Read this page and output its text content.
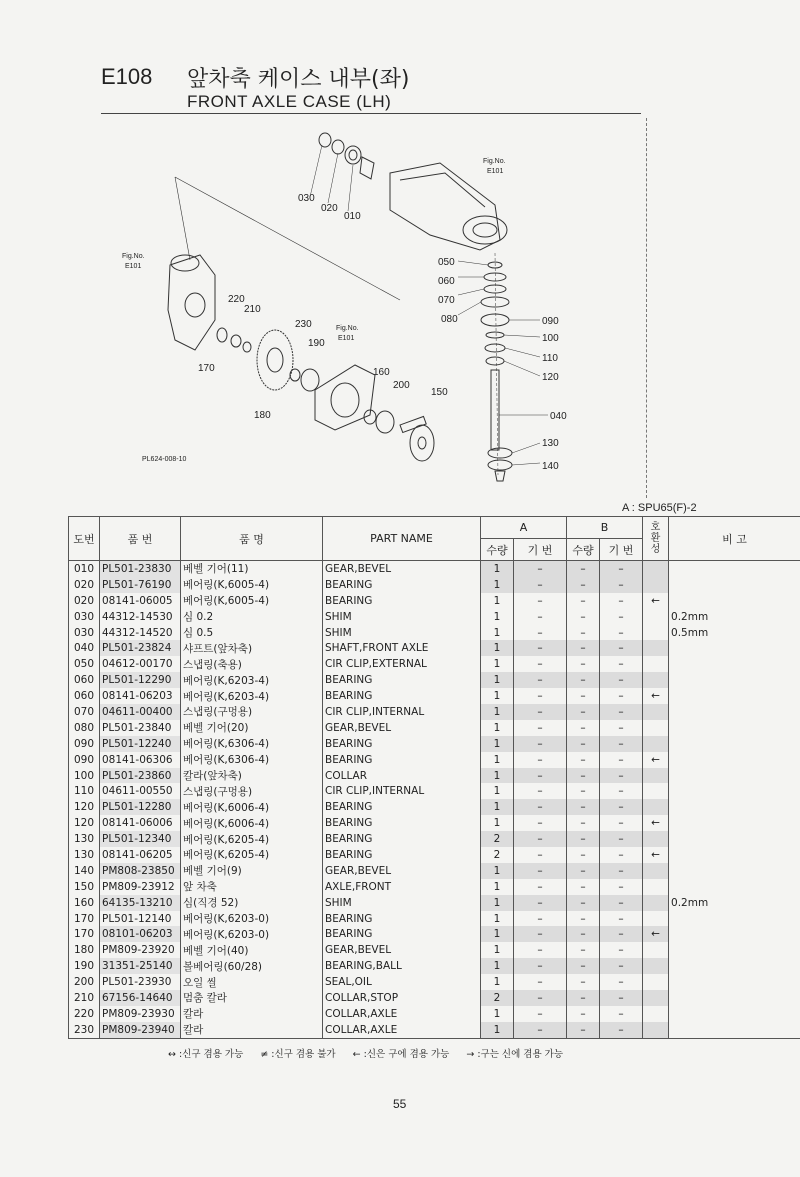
E108 앞차축 케이스 내부(좌)
FRONT AXLE CASE (LH)
030
020
010
Fig.No.
E101
Fig.No.
E101
Fig.No.
E101
050
060
070
080	090
100
110
120
040
130
140
220
210
230
190
170
180
160
200
150
PL624-008-10
A : SPU65(F)-2
도번	품 번	품 명	PART NAME	A		B		호환성	비 고
				수량	기 번	수량	기 번		
010	PL501-23830	베벨 기어(11)	GEAR,BEVEL	1	–	–	–		
020	PL501-76190	베어링(K,6005-4)	BEARING	1	–	–	–		
020	08141-06005	베어링(K,6005-4)	BEARING	1	–	–	–	←	
030	44312-14530	심 0.2	SHIM	1	–	–	–		0.2mm
030	44312-14520	심 0.5	SHIM	1	–	–	–		0.5mm
040	PL501-23824	샤프트(앞차축)	SHAFT,FRONT AXLE	1	–	–	–		
050	04612-00170	스냅링(축용)	CIR CLIP,EXTERNAL	1	–	–	–		
060	PL501-12290	베어링(K,6203-4)	BEARING	1	–	–	–		
060	08141-06203	베어링(K,6203-4)	BEARING	1	–	–	–	←	
070	04611-00400	스냅링(구멍용)	CIR CLIP,INTERNAL	1	–	–	–		
080	PL501-23840	베벨 기어(20)	GEAR,BEVEL	1	–	–	–		
090	PL501-12240	베어링(K,6306-4)	BEARING	1	–	–	–		
090	08141-06306	베어링(K,6306-4)	BEARING	1	–	–	–	←	
100	PL501-23860	칼라(앞차축)	COLLAR	1	–	–	–		
110	04611-00550	스냅링(구멍용)	CIR CLIP,INTERNAL	1	–	–	–		
120	PL501-12280	베어링(K,6006-4)	BEARING	1	–	–	–		
120	08141-06006	베어링(K,6006-4)	BEARING	1	–	–	–	←	
130	PL501-12340	베어링(K,6205-4)	BEARING	2	–	–	–		
130	08141-06205	베어링(K,6205-4)	BEARING	2	–	–	–	←	
140	PM808-23850	베벨 기어(9)	GEAR,BEVEL	1	–	–	–		
150	PM809-23912	앞 차축	AXLE,FRONT	1	–	–	–		
160	64135-13210	심(직경 52)	SHIM	1	–	–	–		0.2mm
170	PL501-12140	베어링(K,6203-0)	BEARING	1	–	–	–		
170	08101-06203	베어링(K,6203-0)	BEARING	1	–	–	–	←	
180	PM809-23920	베벨 기어(40)	GEAR,BEVEL	1	–	–	–		
190	31351-25140	볼베어링(60/28)	BEARING,BALL	1	–	–	–		
200	PL501-23930	오일 씰	SEAL,OIL	1	–	–	–		
210	67156-14640	멈춤 칼라	COLLAR,STOP	2	–	–	–		
220	PM809-23930	칼라	COLLAR,AXLE	1	–	–	–		
230	PM809-23940	칼라	COLLAR,AXLE	1	–	–	–		
↔ :신구 겸용 가능 ≠ :신구 겸용 불가 ← :신은 구에 겸용 가능 → :구는 신에 겸용 가능
55
